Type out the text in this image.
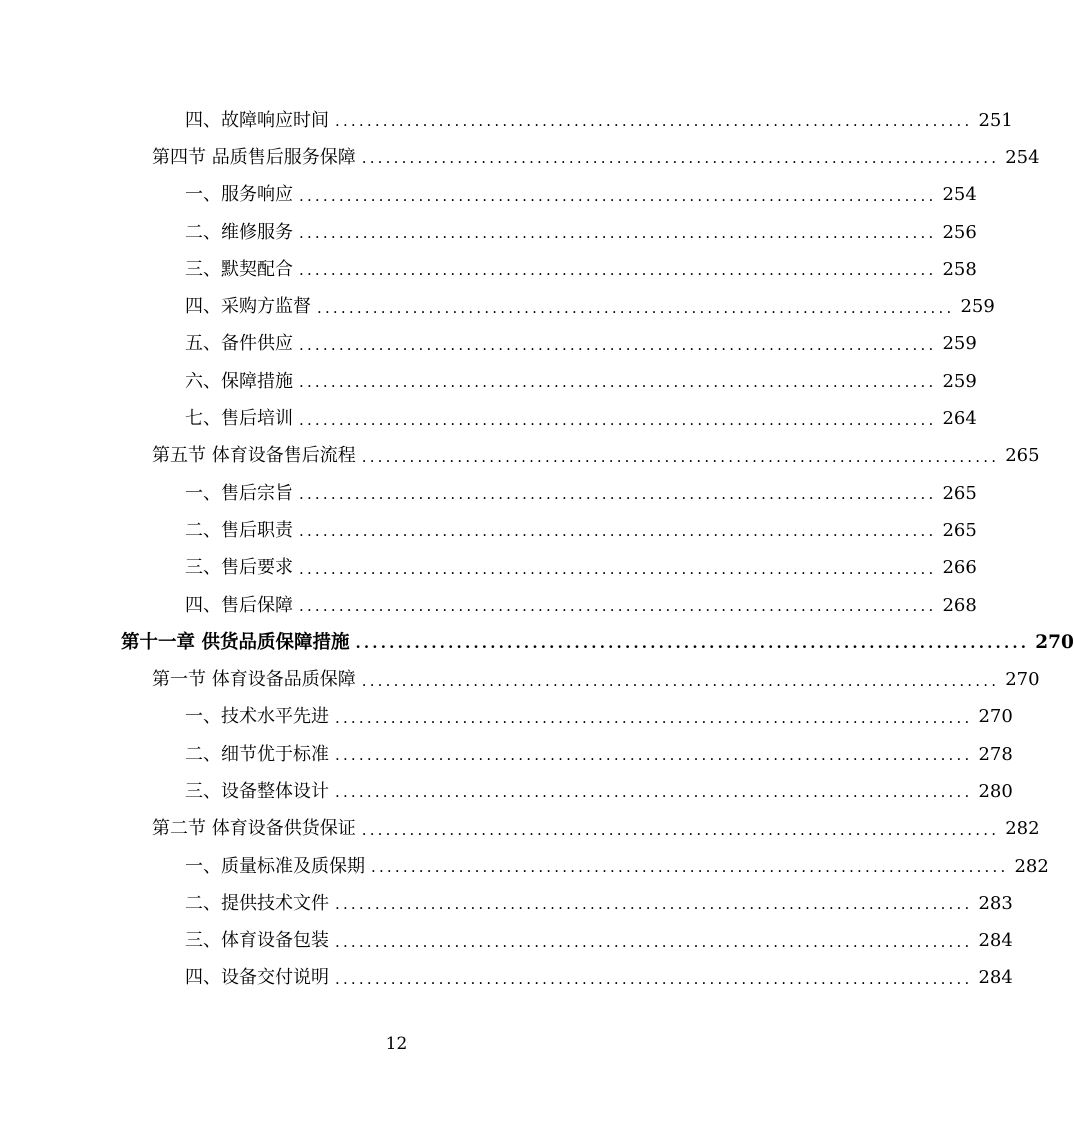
四、故障响应时间 ................................................................................ 251
第四节 品质售后服务保障 ................................................................................ 254
一、服务响应 ................................................................................ 254
二、维修服务 ................................................................................ 256
三、默契配合 ................................................................................ 258
四、采购方监督 ................................................................................ 259
五、备件供应 ................................................................................ 259
六、保障措施 ................................................................................ 259
七、售后培训 ................................................................................ 264
第五节 体育设备售后流程 ................................................................................ 265
一、售后宗旨 ................................................................................ 265
二、售后职责 ................................................................................ 265
三、售后要求 ................................................................................ 266
四、售后保障 ................................................................................ 268
第十一章 供货品质保障措施 ................................................................................ 270
第一节 体育设备品质保障 ................................................................................ 270
一、技术水平先进 ................................................................................ 270
二、细节优于标准 ................................................................................ 278
三、设备整体设计 ................................................................................ 280
第二节 体育设备供货保证 ................................................................................ 282
一、质量标准及质保期 ................................................................................ 282
二、提供技术文件 ................................................................................ 283
三、体育设备包装 ................................................................................ 284
四、设备交付说明 ................................................................................ 284
12
